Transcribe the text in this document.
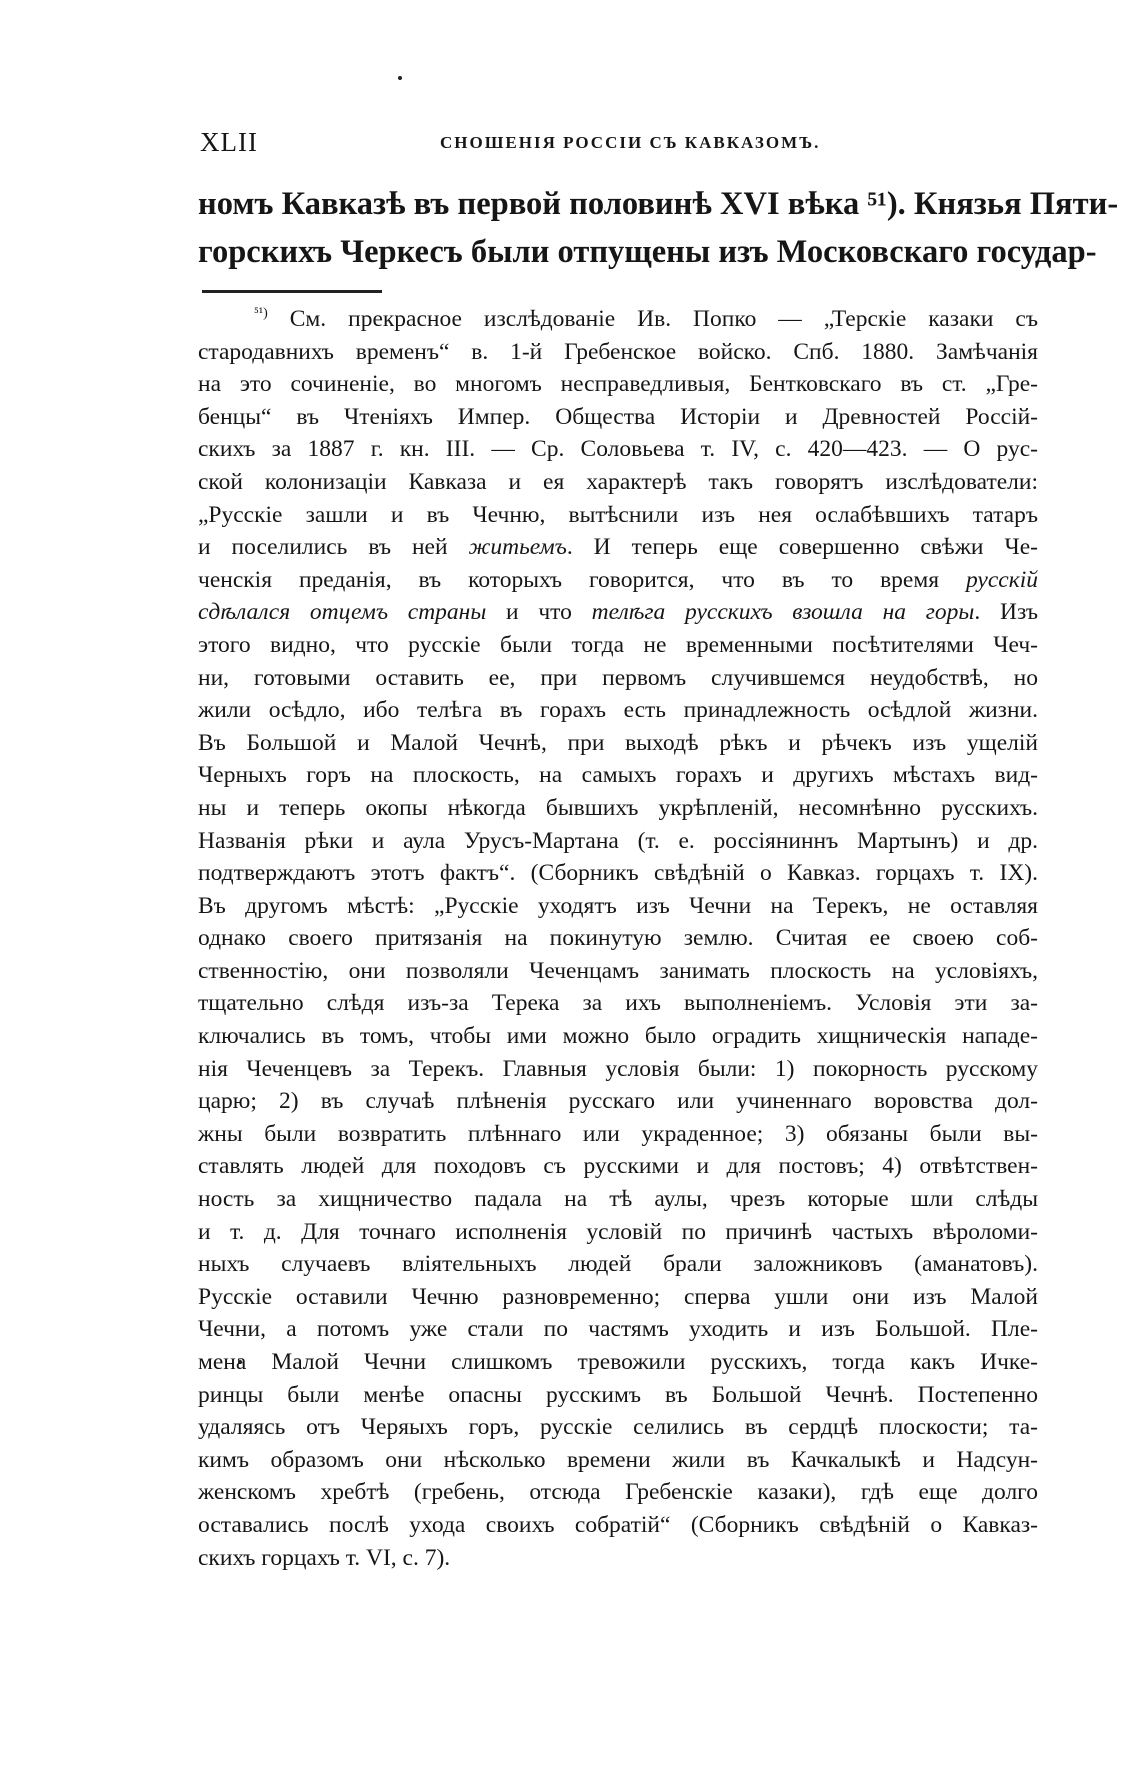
XLII	СНОШЕНІЯ РОССІИ СЪ КАВКАЗОМЪ.
номъ Кавказѣ въ первой половинѣ XVI вѣка ⁵¹). Князья Пяти-
горскихъ Черкесъ были отпущены изъ Московскаго государ-
$^{^{51})}$ См. прекрасное изслѣдованіе Ив. Попко — „Терскіе казаки съ
стародавнихъ временъ“ в. 1-й Гребенское войско. Спб. 1880. Замѣчанія
на это сочиненіе, во многомъ несправедливыя, Бентковскаго въ ст. „Гре-
бенцы“ въ Чтеніяхъ Импер. Общества Исторіи и Древностей Россій-
скихъ за 1887 г. кн. III. — Ср. Соловьева т. IV, с. 420—423. — О рус-
ской колонизаціи Кавказа и ея характерѣ такъ говорятъ изслѣдователи:
„Русскіе зашли и въ Чечню, вытѣснили изъ нея ослабѣвшихъ татаръ
и поселились въ ней житьемъ. И теперь еще совершенно свѣжи Че-
ченскія преданія, въ которыхъ говорится, что въ то время русскій
сдѣлался отцемъ страны и что телѣга русскихъ взошла на горы. Изъ
этого видно, что русскіе были тогда не временными посѣтителями Чеч-
ни, готовыми оставить ее, при первомъ случившемся неудобствѣ, но
жили осѣдло, ибо телѣга въ горахъ есть принадлежность осѣдлой жизни.
Въ Большой и Малой Чечнѣ, при выходѣ рѣкъ и рѣчекъ изъ ущелій
Черныхъ горъ на плоскость, на самыхъ горахъ и другихъ мѣстахъ вид-
ны и теперь окопы нѣкогда бывшихъ укрѣпленій, несомнѣнно русскихъ.
Названія рѣки и аула Урусъ-Мартана (т. е. россіяниннъ Мартынъ) и др.
подтверждаютъ этотъ фактъ“. (Сборникъ свѣдѣній о Кавказ. горцахъ т. IX).
Въ другомъ мѣстѣ: „Русскіе уходятъ изъ Чечни на Терекъ, не оставляя
однако своего притязанія на покинутую землю. Считая ее своею соб-
ственностію, они позволяли Чеченцамъ занимать плоскость на условіяхъ,
тщательно слѣдя изъ-за Терека за ихъ выполненіемъ. Условія эти за-
ключались въ томъ, чтобы ими можно было оградить хищническія нападе-
нія Чеченцевъ за Терекъ. Главныя условія были: 1) покорность русскому
царю; 2) въ случаѣ плѣненія русскаго или учиненнаго воровства дол-
жны были возвратить плѣннаго или украденное; 3) обязаны были вы-
ставлять людей для походовъ съ русскими и для постовъ; 4) отвѣтствен-
ность за хищничество падала на тѣ аулы, чрезъ которые шли слѣды
и т. д. Для точнаго исполненія условій по причинѣ частыхъ вѣроломи-
ныхъ случаевъ вліятельныхъ людей брали заложниковъ (аманатовъ).
Русскіе оставили Чечню разновременно; сперва ушли они изъ Малой
Чечни, а потомъ уже стали по частямъ уходить и изъ Большой. Пле-
мена Малой Чечни слишкомъ тревожили русскихъ, тогда какъ Ичке-
ринцы были менѣе опасны русскимъ въ Большой Чечнѣ. Постепенно
удаляясь отъ Черяыхъ горъ, русскіе селились въ сердцѣ плоскости; та-
кимъ образомъ они нѣсколько времени жили въ Качкалыкѣ и Надсун-
женскомъ хребтѣ (гребень, отсюда Гребенскіе казаки), гдѣ еще долго
оставались послѣ ухода своихъ собратій“ (Сборникъ свѣдѣній о Кавказ-
скихъ горцахъ т. VI, с. 7).
